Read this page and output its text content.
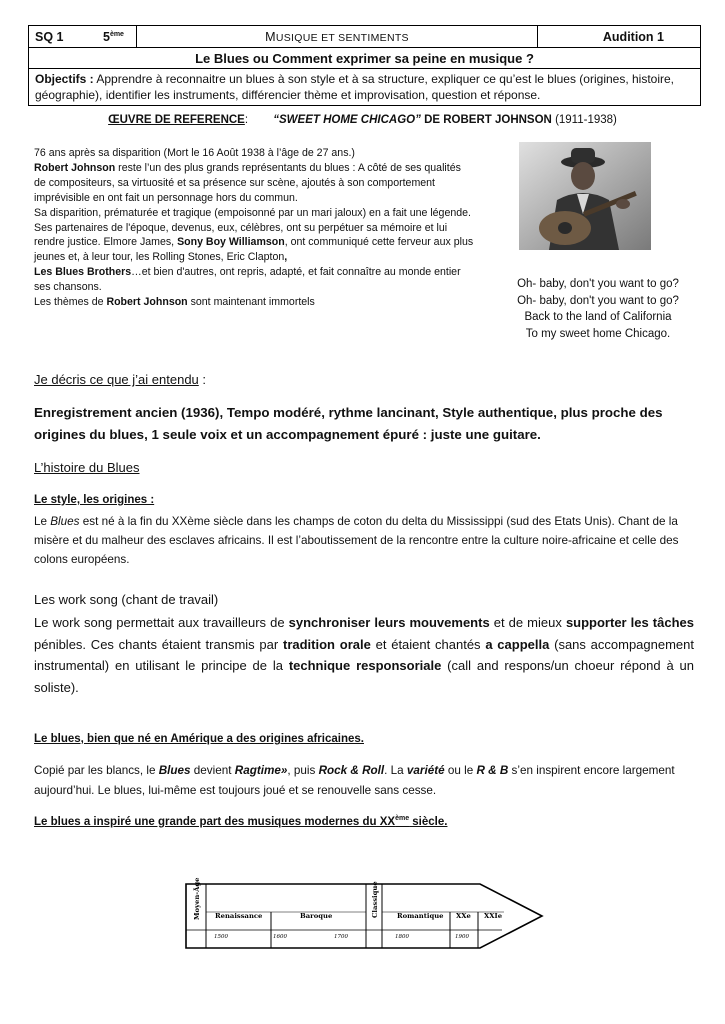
SQ 1	5ème	MUSIQUE ET SENTIMENTS	Audition 1
Le Blues ou Comment exprimer sa peine en musique ?
Objectifs : Apprendre à reconnaitre un blues à son style et à sa structure, expliquer ce qu’est le blues (origines, histoire, géographie), identifier les instruments, différencier thème et improvisation, question et réponse.
ŒUVRE DE REFERENCE: “SWEET HOME CHICAGO” DE ROBERT JOHNSON (1911-1938)
76 ans après sa disparition (Mort le 16 Août 1938 à l’âge de 27 ans.)
Robert Johnson reste l’un des plus grands représentants du blues : A côté de ses qualités de compositeurs, sa virtuosité et sa présence sur scène, ajoutés à son comportement imprévisible en ont fait un personnage hors du commun.
Sa disparition, prématurée et tragique (empoisonné par un mari jaloux) en a fait une légende.
Ses partenaires de l'époque, devenus, eux, célèbres, ont su perpétuer sa mémoire et lui rendre justice. Elmore James, Sony Boy Williamson, ont communiqué cette ferveur aux plus jeunes et, à leur tour, les Rolling Stones, Eric Clapton,
Les Blues Brothers…et bien d'autres, ont repris, adapté, et fait connaître au monde entier ses chansons.
Les thèmes de Robert Johnson sont maintenant immortels
Oh- baby, don't you want to go?
Oh- baby, don't you want to go?
Back to the land of California
To my sweet home Chicago.
Je décris ce que j’ai entendu :
Enregistrement ancien (1936), Tempo modéré, rythme lancinant, Style authentique, plus proche des origines du blues, 1 seule voix et un accompagnement épuré : juste une guitare.
L’histoire du Blues
Le style, les origines :
Le Blues est né à la fin du XXème siècle dans les champs de coton du delta du Mississippi (sud des Etats Unis). Chant de la misère et du malheur des esclaves africains. Il est l’aboutissement de la rencontre entre la culture noire-africaine et celle des colons européens.
Les work song (chant de travail)
Le work song permettait aux travailleurs de synchroniser leurs mouvements et de mieux supporter les tâches pénibles. Ces chants étaient transmis par tradition orale et étaient chantés a cappella (sans accompagnement instrumental) en utilisant le principe de la technique responsoriale (call and respons/un choeur répond à un soliste).
Le blues, bien que né en Amérique a des origines africaines.
Copié par les blancs, le Blues devient Ragtime», puis Rock & Roll. La variété ou le R & B s’en inspirent encore largement aujourd’hui. Le blues, lui-même est toujours joué et se renouvelle sans cesse.
Le blues a inspiré une grande part des musiques modernes du XXème siècle.
Moyen-Âge Renaissance	Baroque	Classique	Romantique XXe XXIe
1500	1600	1700	1800	1900
